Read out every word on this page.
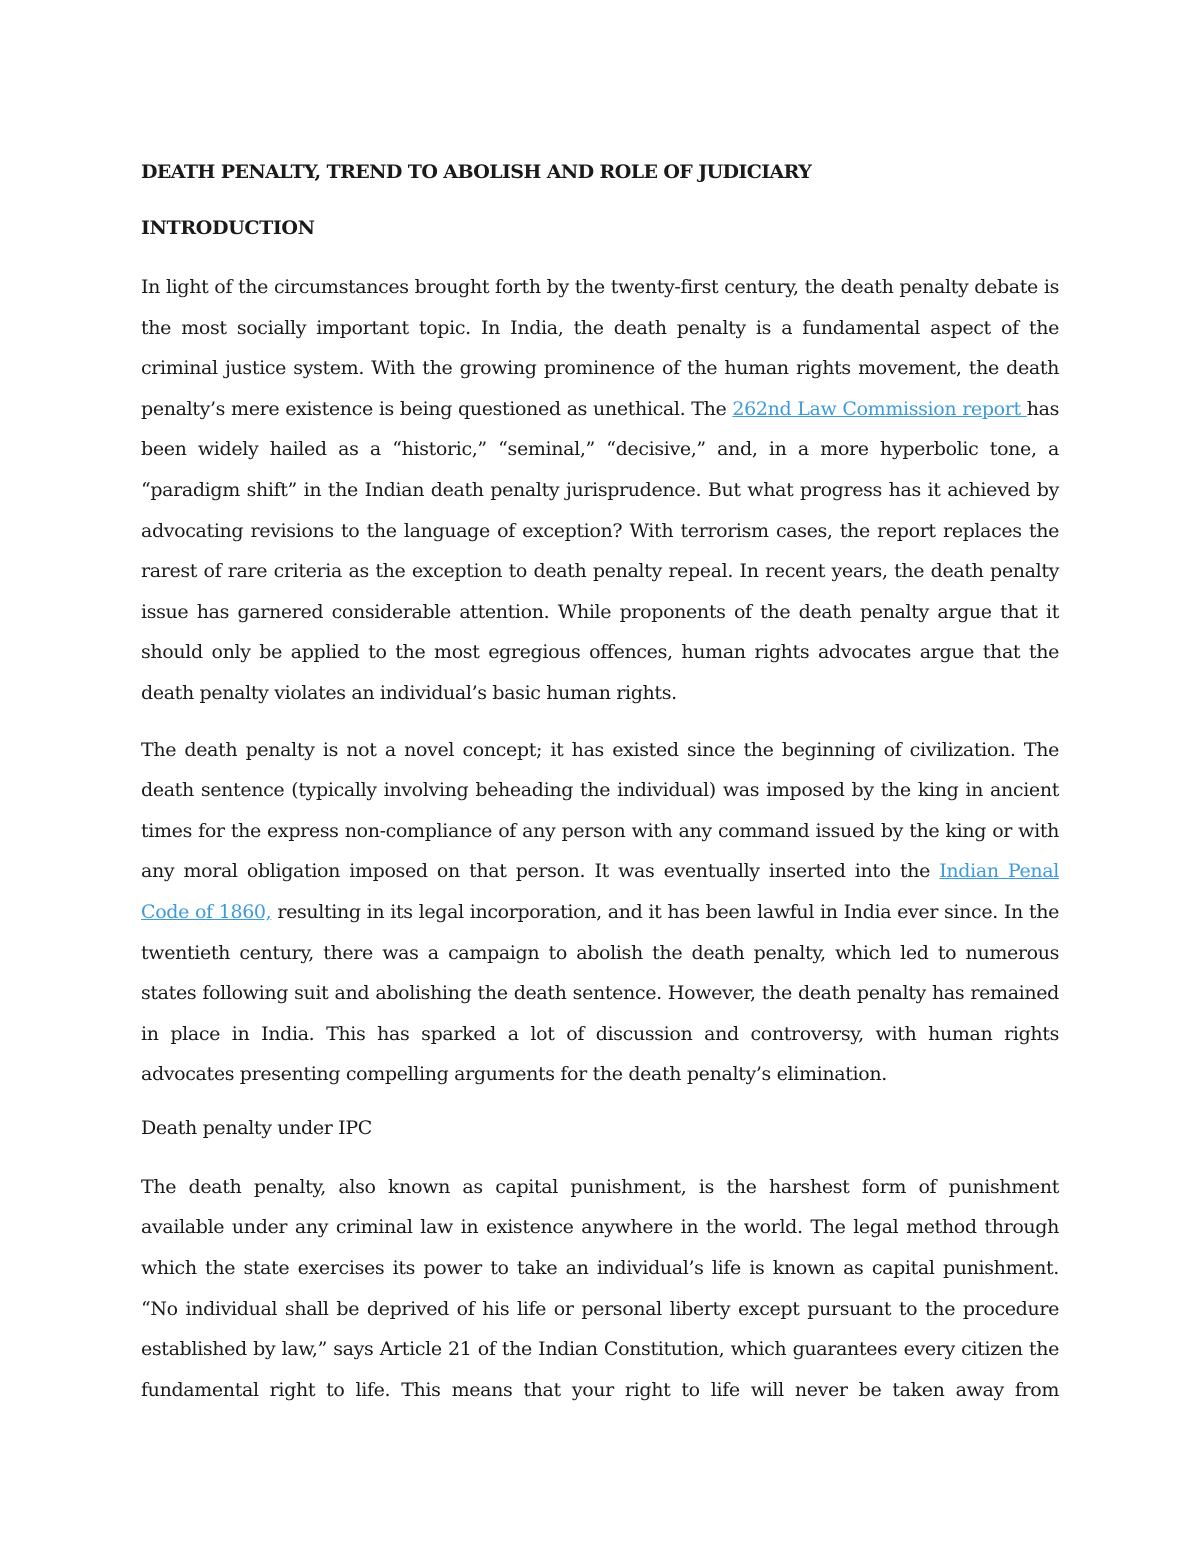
DEATH PENALTY, TREND TO ABOLISH AND ROLE OF JUDICIARY
INTRODUCTION

In light of the circumstances brought forth by the twenty-first century, the death penalty debate is the most socially important topic. In India, the death penalty is a fundamental aspect of the criminal justice system. With the growing prominence of the human rights movement, the death penalty’s mere existence is being questioned as unethical. The 262nd Law Commission report has been widely hailed as a “historic,” “seminal,” “decisive,” and, in a more hyperbolic tone, a “paradigm shift” in the Indian death penalty jurisprudence. But what progress has it achieved by advocating revisions to the language of exception? With terrorism cases, the report replaces the rarest of rare criteria as the exception to death penalty repeal. In recent years, the death penalty issue has garnered considerable attention. While proponents of the death penalty argue that it should only be applied to the most egregious offences, human rights advocates argue that the death penalty violates an individual’s basic human rights.

The death penalty is not a novel concept; it has existed since the beginning of civilization. The death sentence (typically involving beheading the individual) was imposed by the king in ancient times for the express non-compliance of any person with any command issued by the king or with any moral obligation imposed on that person. It was eventually inserted into the Indian Penal Code of 1860, resulting in its legal incorporation, and it has been lawful in India ever since. In the twentieth century, there was a campaign to abolish the death penalty, which led to numerous states following suit and abolishing the death sentence. However, the death penalty has remained in place in India. This has sparked a lot of discussion and controversy, with human rights advocates presenting compelling arguments for the death penalty’s elimination.

Death penalty under IPC

The death penalty, also known as capital punishment, is the harshest form of punishment available under any criminal law in existence anywhere in the world. The legal method through which the state exercises its power to take an individual’s life is known as capital punishment. “No individual shall be deprived of his life or personal liberty except pursuant to the procedure established by law,” says Article 21 of the Indian Constitution, which guarantees every citizen the fundamental right to life. This means that your right to life will never be taken away from
